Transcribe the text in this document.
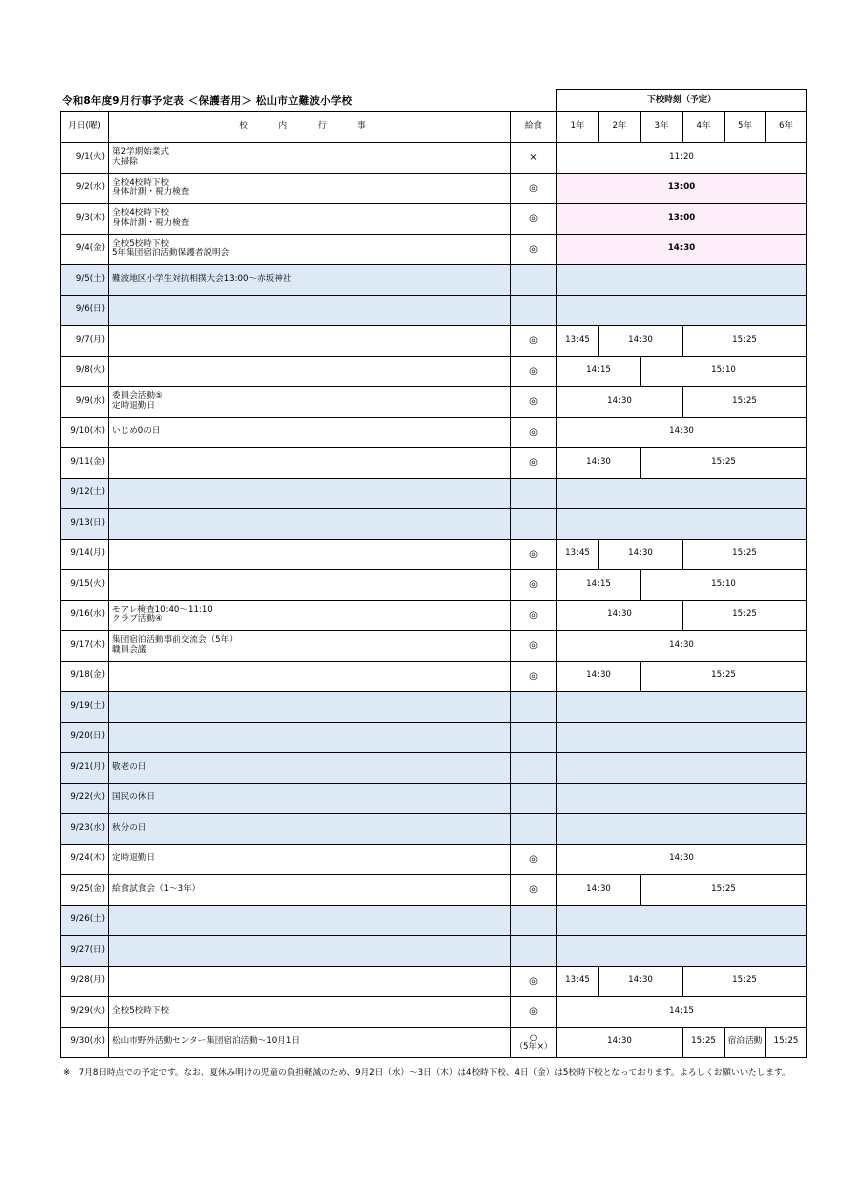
令和8年度9月行事予定表 ＜保護者用＞ 松山市立難波小学校
			下校時刻（予定）					
月日(曜)	校 内 行 事	給食	1年	2年	3年	4年	5年	6年
9/1(火)	第2学期始業式
大掃除	×	11:20					
9/2(水)	全校4校時下校
身体計測・視力検査	◎	13:00					
9/3(木)	全校4校時下校
身体計測・視力検査	◎	13:00					
9/4(金)	全校5校時下校
5年集団宿泊活動保護者説明会	◎	14:30					
9/5(土)	難波地区小学生対抗相撲大会13:00～赤坂神社							

9/6(日)						

9/7(月)		◎	13:45	14:30		15:25		
9/8(火)		◎	14:15		15:10			
9/9(水)	委員会活動⑤
定時退勤日	◎	14:30			15:25		
9/10(木)	いじめ0の日	◎	14:30					
9/11(金)		◎	14:30		15:25			
9/12(土)						

9/13(日)						

9/14(月)		◎	13:45	14:30		15:25		
9/15(火)		◎	14:15		15:10			
9/16(水)	モアレ検査10:40～11:10
クラブ活動④	◎	14:30			15:25		
9/17(木)	集団宿泊活動事前交流会（5年）
職員会議	◎	14:30					
9/18(金)		◎	14:30		15:25			
9/19(土)						

9/20(日)						

9/21(月)	敬老の日							

9/22(火)	国民の休日							

9/23(水)	秋分の日							

9/24(木)	定時退勤日	◎	14:30					
9/25(金)	給食試食会（1～3年）	◎	14:30		15:25			
9/26(土)						

9/27(日)						

9/28(月)		◎	13:45	14:30		15:25		
9/29(火)	全校5校時下校	◎	14:15					
9/30(水)	松山市野外活動センター集団宿泊活動～10月1日	○
（5年×）	14:30			15:25	宿泊活動	15:25
※　7月8日時点での予定です。なお、夏休み明けの児童の負担軽減のため、9月2日（水）～3日（木）は4校時下校、4日（金）は5校時下校となっております。よろしくお願いいたします。
